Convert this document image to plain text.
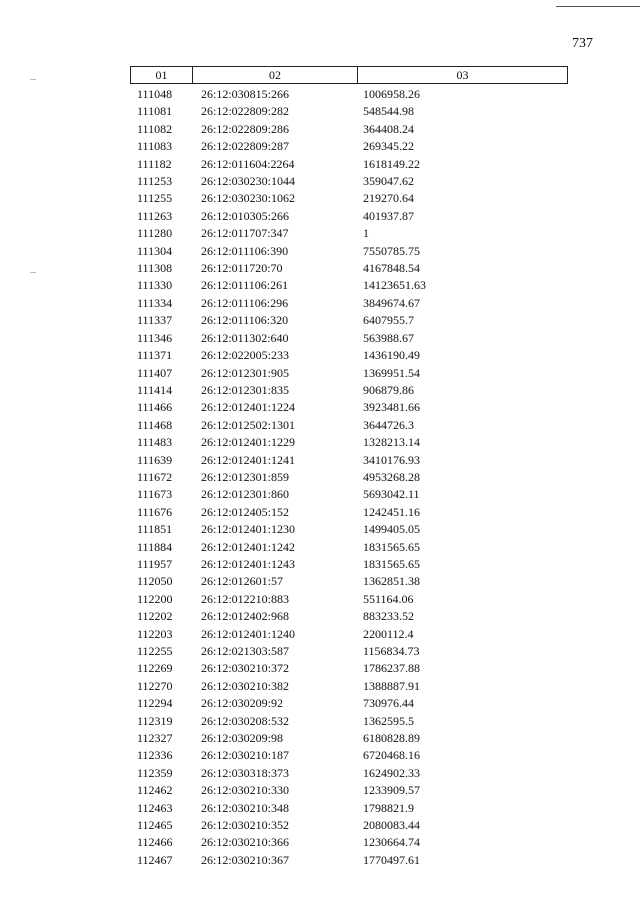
737
01	02	03
111048 26:12:030815:266	1006958.26
111081 26:12:022809:282	548544.98
111082 26:12:022809:286	364408.24
111083 26:12:022809:287	269345.22
111182 26:12:011604:2264	1618149.22
111253 26:12:030230:1044	359047.62
111255 26:12:030230:1062	219270.64
111263 26:12:010305:266	401937.87
111280 26:12:011707:347	1
111304 26:12:011106:390	7550785.75
111308 26:12:011720:70	4167848.54
111330 26:12:011106:261	14123651.63
111334 26:12:011106:296	3849674.67
111337 26:12:011106:320	6407955.7
111346 26:12:011302:640	563988.67
111371 26:12:022005:233	1436190.49
111407 26:12:012301:905	1369951.54
111414 26:12:012301:835	906879.86
111466 26:12:012401:1224	3923481.66
111468 26:12:012502:1301	3644726.3
111483 26:12:012401:1229	1328213.14
111639 26:12:012401:1241	3410176.93
111672 26:12:012301:859	4953268.28
111673 26:12:012301:860	5693042.11
111676 26:12:012405:152	1242451.16
111851 26:12:012401:1230	1499405.05
111884 26:12:012401:1242	1831565.65
111957 26:12:012401:1243	1831565.65
112050 26:12:012601:57	1362851.38
112200 26:12:012210:883	551164.06
112202 26:12:012402:968	883233.52
112203 26:12:012401:1240	2200112.4
112255 26:12:021303:587	1156834.73
112269 26:12:030210:372	1786237.88
112270 26:12:030210:382	1388887.91
112294 26:12:030209:92	730976.44
112319 26:12:030208:532	1362595.5
112327 26:12:030209:98	6180828.89
112336 26:12:030210:187	6720468.16
112359 26:12:030318:373	1624902.33
112462 26:12:030210:330	1233909.57
112463 26:12:030210:348	1798821.9
112465 26:12:030210:352	2080083.44
112466 26:12:030210:366	1230664.74
112467 26:12:030210:367	1770497.61
